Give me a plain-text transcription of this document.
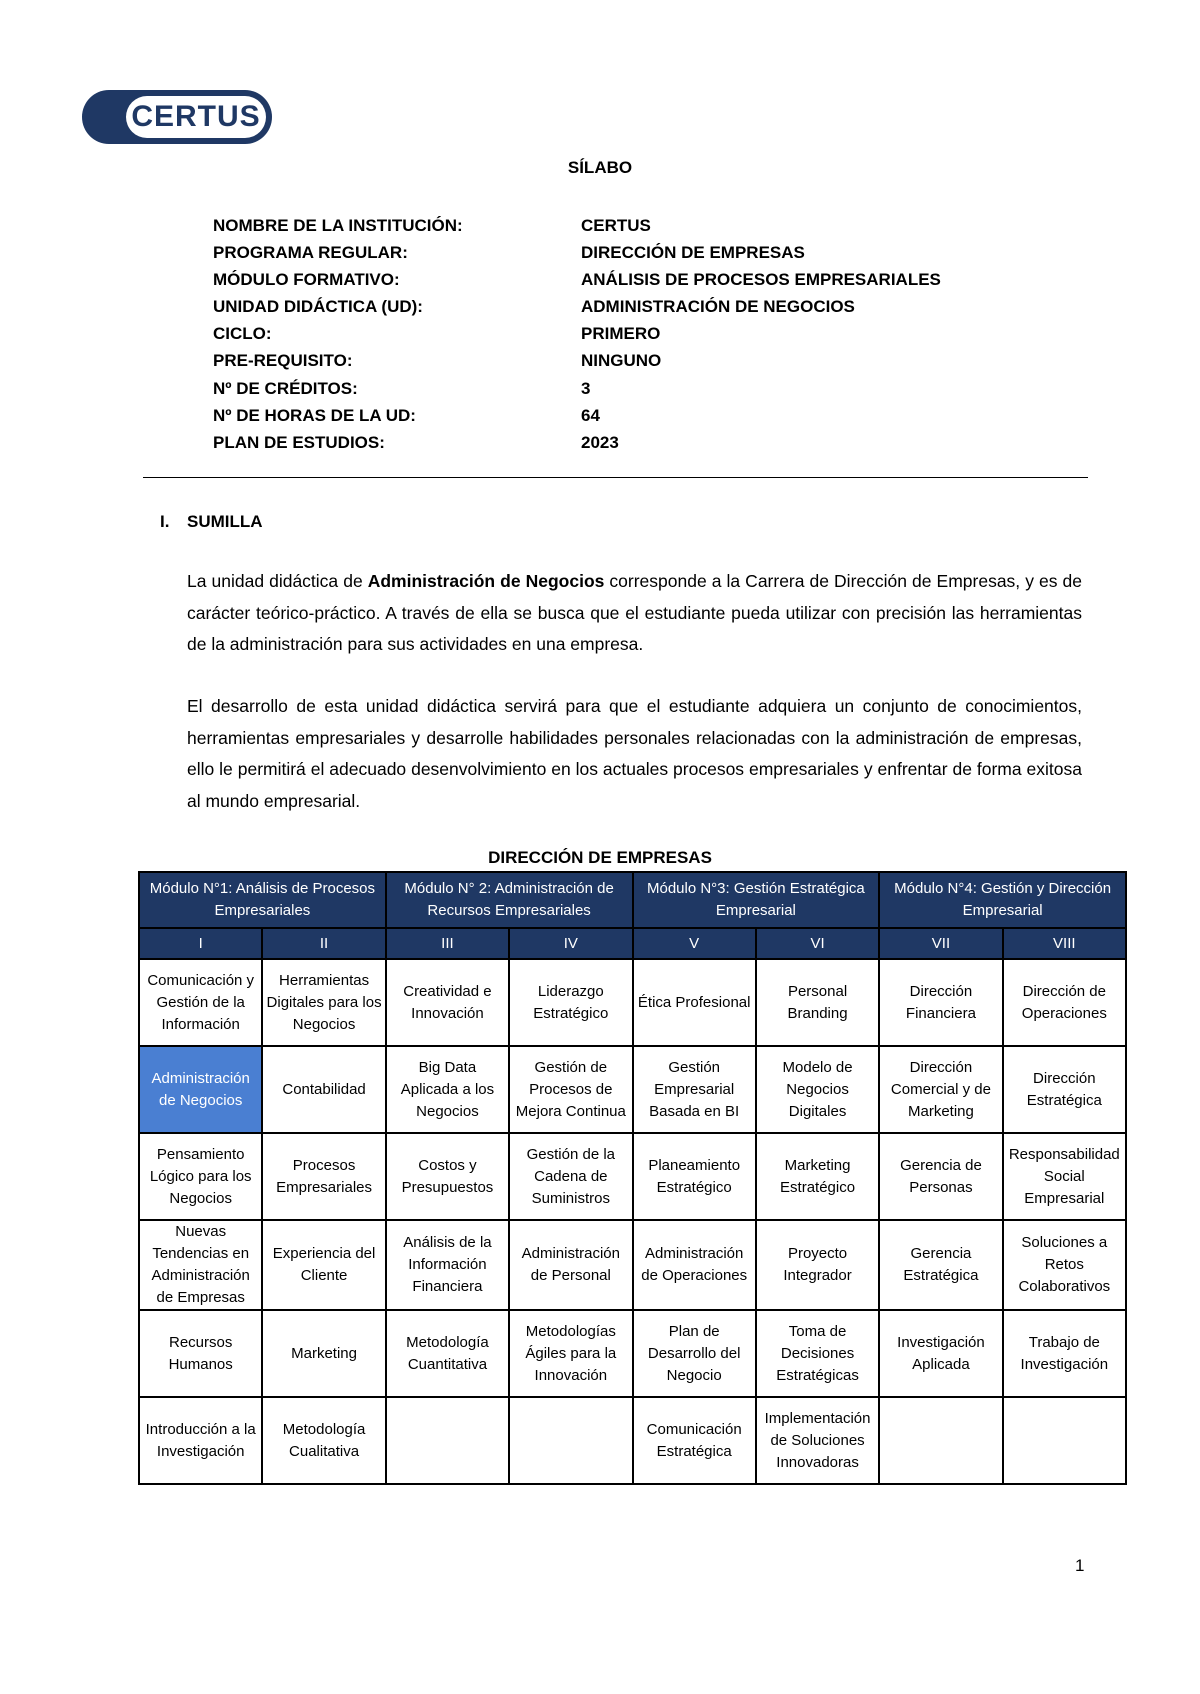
CERTUS
SÍLABO
NOMBRE DE LA INSTITUCIÓN:	CERTUS
PROGRAMA REGULAR:	DIRECCIÓN DE EMPRESAS
MÓDULO FORMATIVO:	ANÁLISIS DE PROCESOS EMPRESARIALES
UNIDAD DIDÁCTICA (UD):	ADMINISTRACIÓN DE NEGOCIOS
CICLO:	PRIMERO
PRE-REQUISITO:	NINGUNO
Nº DE CRÉDITOS:	3
Nº DE HORAS DE LA UD:	64
PLAN DE ESTUDIOS:	2023
I. SUMILLA
La unidad didáctica de Administración de Negocios corresponde a la Carrera de Dirección de Empresas, y es de carácter teórico-práctico. A través de ella se busca que el estudiante pueda utilizar con precisión las herramientas de la administración para sus actividades en una empresa.
El desarrollo de esta unidad didáctica servirá para que el estudiante adquiera un conjunto de conocimientos, herramientas empresariales y desarrolle habilidades personales relacionadas con la administración de empresas, ello le permitirá el adecuado desenvolvimiento en los actuales procesos empresariales y enfrentar de forma exitosa al mundo empresarial.
DIRECCIÓN DE EMPRESAS
Módulo N°1: Análisis de Procesos Empresariales		Módulo N° 2: Administración de Recursos Empresariales		Módulo N°3: Gestión Estratégica Empresarial		Módulo N°4: Gestión y Dirección Empresarial	
I	II	III	IV	V	VI	VII	VIII
Comunicación y Gestión de la Información	Herramientas Digitales para los Negocios	Creatividad e Innovación	Liderazgo Estratégico	Ética Profesional	Personal Branding	Dirección Financiera	Dirección de Operaciones
Administración de Negocios	Contabilidad	Big Data Aplicada a los Negocios	Gestión de Procesos de Mejora Continua	Gestión Empresarial Basada en BI	Modelo de Negocios Digitales	Dirección Comercial y de Marketing	Dirección Estratégica
Pensamiento Lógico para los Negocios	Procesos Empresariales	Costos y Presupuestos	Gestión de la Cadena de Suministros	Planeamiento Estratégico	Marketing Estratégico	Gerencia de Personas	Responsabilidad Social Empresarial
Nuevas Tendencias en Administración de Empresas	Experiencia del Cliente	Análisis de la Información Financiera	Administración de Personal	Administración de Operaciones	Proyecto Integrador	Gerencia Estratégica	Soluciones a Retos Colaborativos
Recursos Humanos	Marketing	Metodología Cuantitativa	Metodologías Ágiles para la Innovación	Plan de Desarrollo del Negocio	Toma de Decisiones Estratégicas	Investigación Aplicada	Trabajo de Investigación
Introducción a la Investigación	Metodología Cualitativa			Comunicación Estratégica	Implementación de Soluciones Innovadoras		
1
